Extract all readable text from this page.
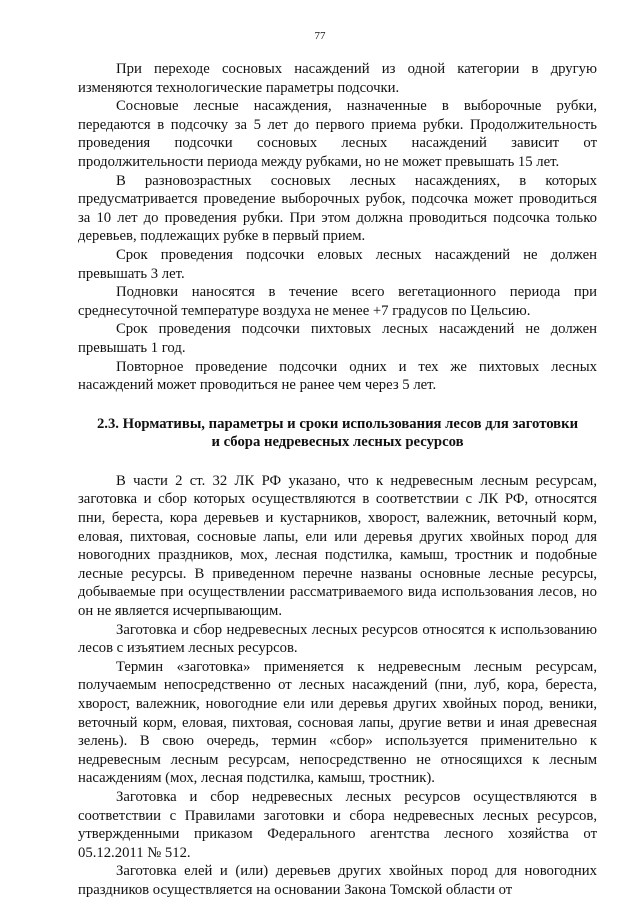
77

При переходе сосновых насаждений из одной категории в другую изменяются технологические параметры подсочки.

Сосновые лесные насаждения, назначенные в выборочные рубки, передаются в подсочку за 5 лет до первого приема рубки. Продолжительность проведения подсочки сосновых лесных насаждений зависит от продолжительности периода между рубками, но не может превышать 15 лет.

В разновозрастных сосновых лесных насаждениях, в которых предусматривается проведение выборочных рубок, подсочка может проводиться за 10 лет до проведения рубки. При этом должна проводиться подсочка только деревьев, подлежащих рубке в первый прием.

Срок проведения подсочки еловых лесных насаждений не должен превышать 3 лет.

Подновки наносятся в течение всего вегетационного периода при среднесуточной температуре воздуха не менее +7 градусов по Цельсию.

Срок проведения подсочки пихтовых лесных насаждений не должен превышать 1 год.

Повторное проведение подсочки одних и тех же пихтовых лесных насаждений может проводиться не ранее чем через 5 лет.

2.3. Нормативы, параметры и сроки использования лесов для заготовки и сбора недревесных лесных ресурсов

В части 2 ст. 32 ЛК РФ указано, что к недревесным лесным ресурсам, заготовка и сбор которых осуществляются в соответствии с ЛК РФ, относятся пни, береста, кора деревьев и кустарников, хворост, валежник, веточный корм, еловая, пихтовая, сосновые лапы, ели или деревья других хвойных пород для новогодних праздников, мох, лесная подстилка, камыш, тростник и подобные лесные ресурсы. В приведенном перечне названы основные лесные ресурсы, добываемые при осуществлении рассматриваемого вида использования лесов, но он не является исчерпывающим.

Заготовка и сбор недревесных лесных ресурсов относятся к использованию лесов с изъятием лесных ресурсов.

Термин «заготовка» применяется к недревесным лесным ресурсам, получаемым непосредственно от лесных насаждений (пни, луб, кора, береста, хворост, валежник, новогодние ели или деревья других хвойных пород, веники, веточный корм, еловая, пихтовая, сосновая лапы, другие ветви и иная древесная зелень). В свою очередь, термин «сбор» используется применительно к недревесным лесным ресурсам, непосредственно не относящихся к лесным насаждениям (мох, лесная подстилка, камыш, тростник).

Заготовка и сбор недревесных лесных ресурсов осуществляются в соответствии с Правилами заготовки и сбора недревесных лесных ресурсов, утвержденными приказом Федерального агентства лесного хозяйства от 05.12.2011 № 512.

Заготовка елей и (или) деревьев других хвойных пород для новогодних праздников осуществляется на основании Закона Томской области от
